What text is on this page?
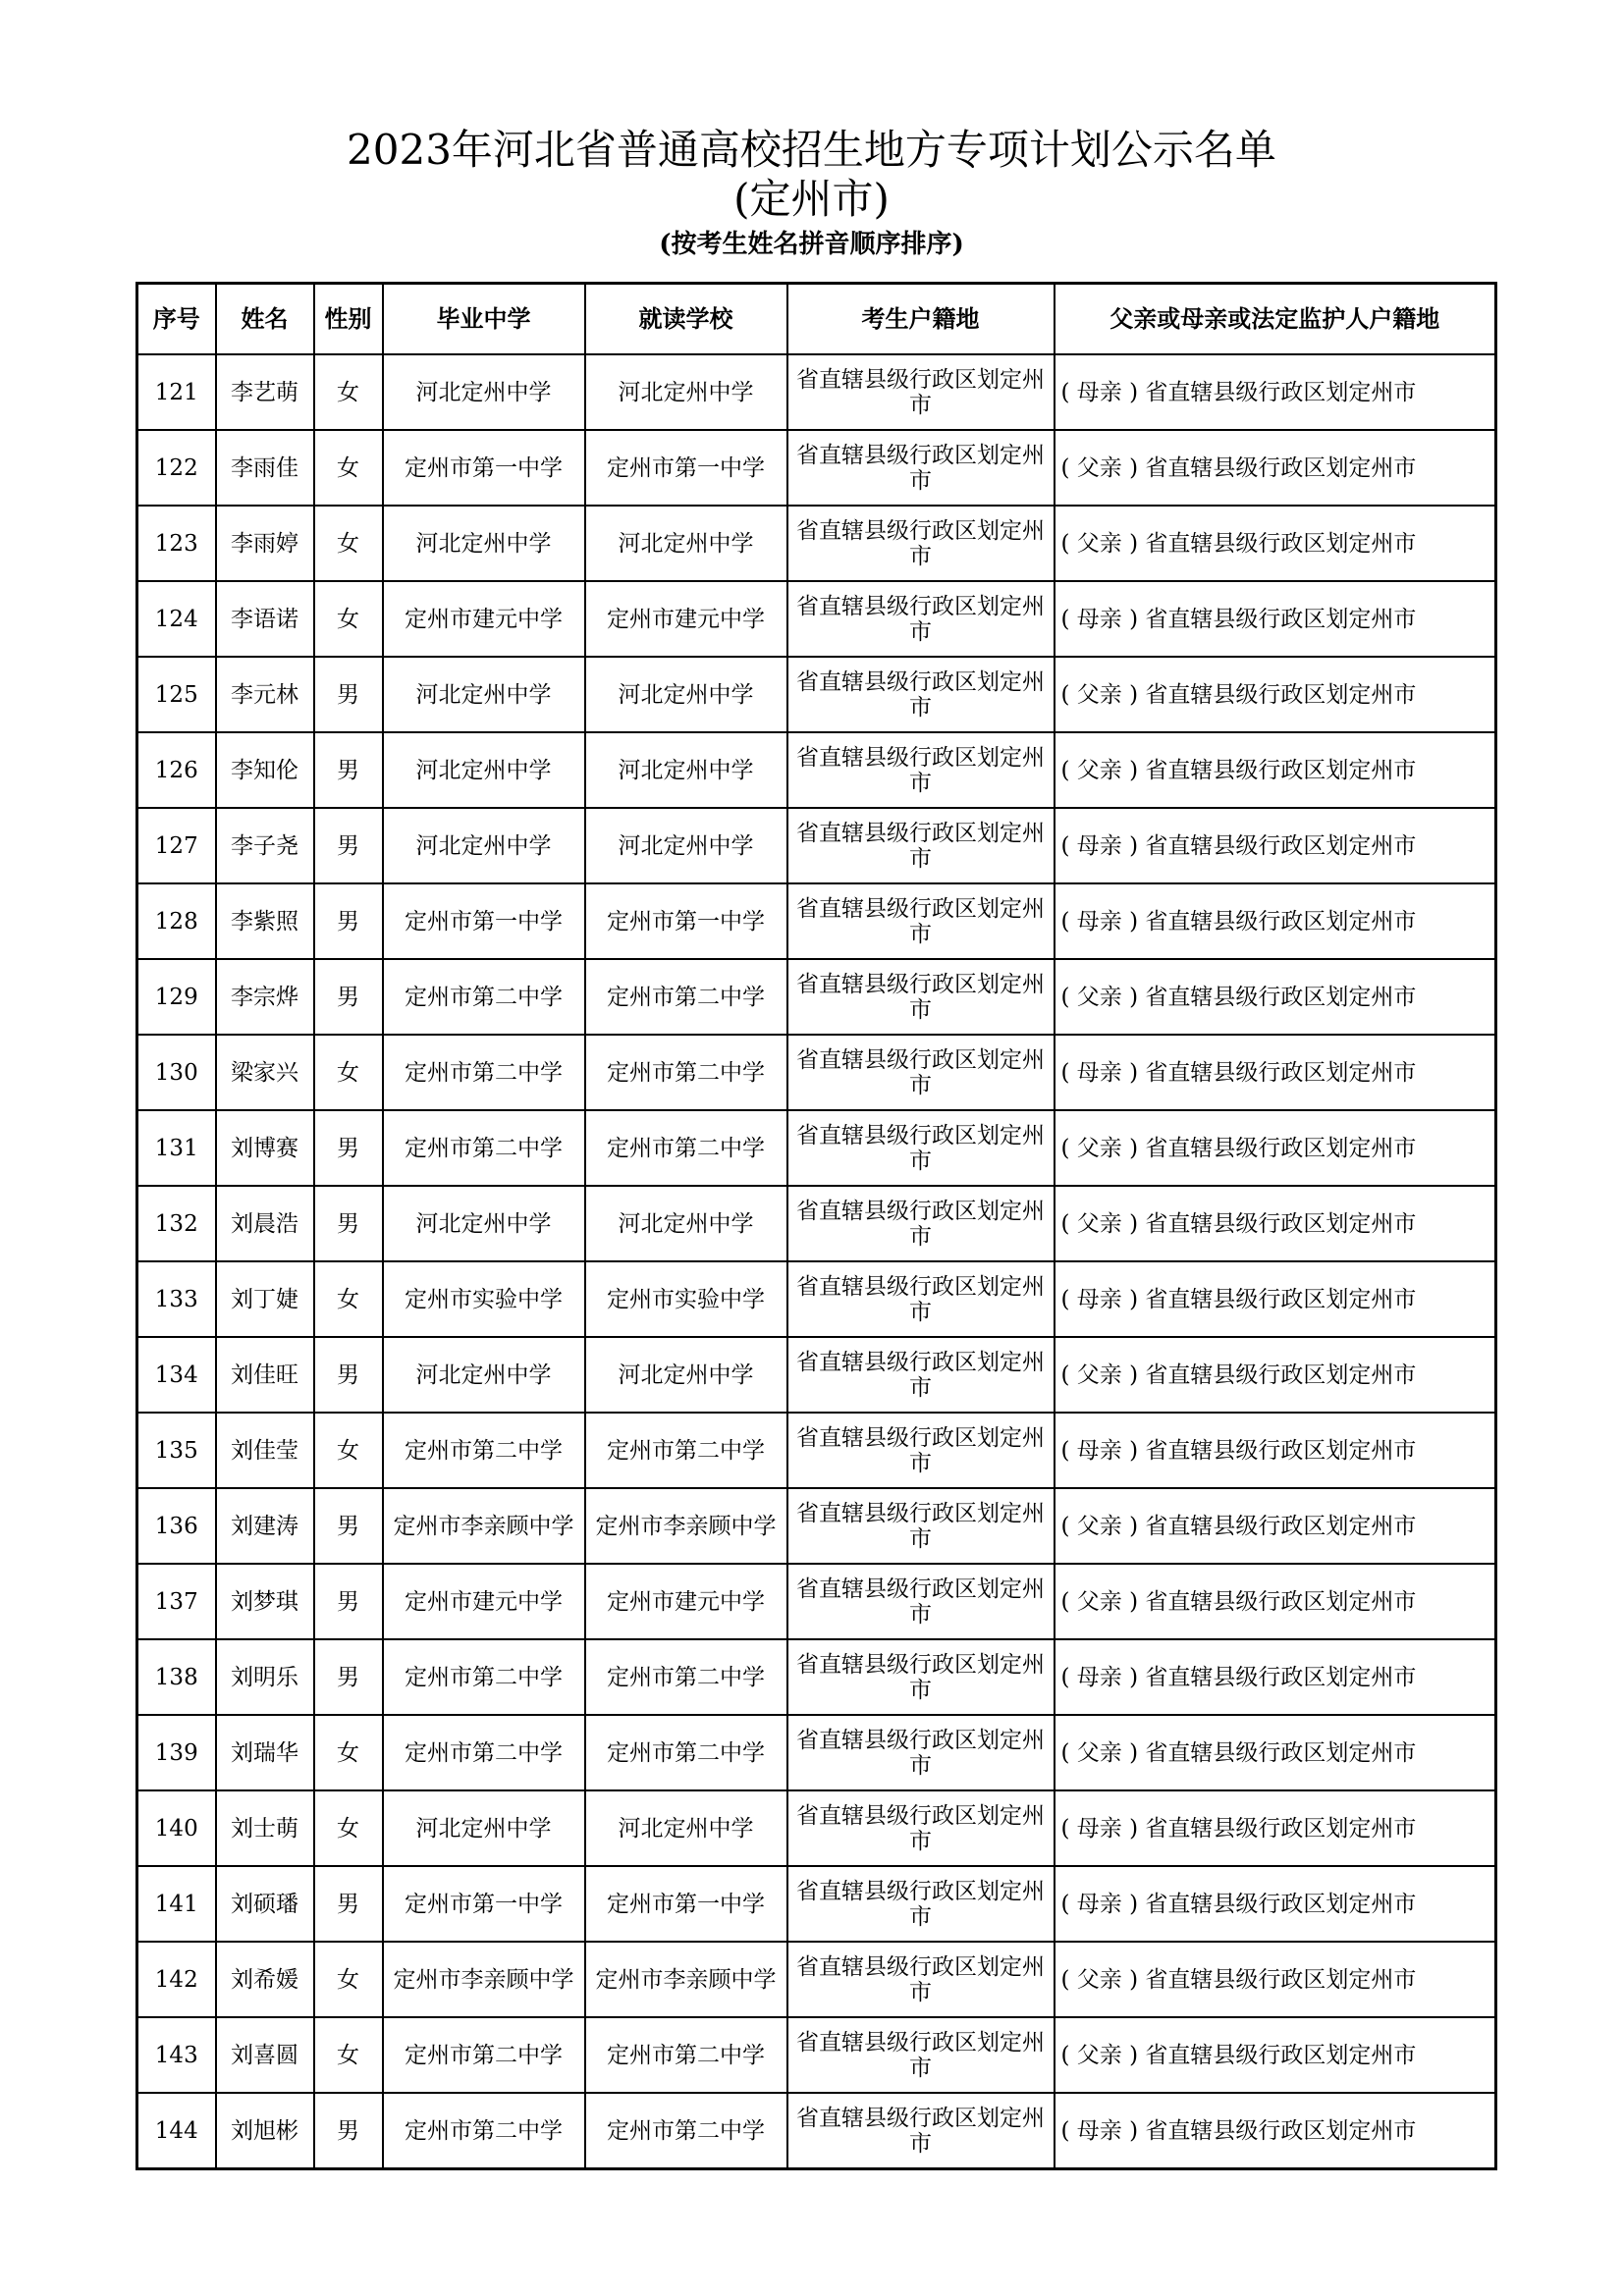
2023年河北省普通高校招生地方专项计划公示名单
(定州市)
(按考生姓名拼音顺序排序)
序号	姓名	性别	毕业中学	就读学校	考生户籍地	父亲或母亲或法定监护人户籍地
121	李艺萌	女	河北定州中学	河北定州中学	省直辖县级行政区划定州市	( 母亲 ) 省直辖县级行政区划定州市
122	李雨佳	女	定州市第一中学	定州市第一中学	省直辖县级行政区划定州市	( 父亲 ) 省直辖县级行政区划定州市
123	李雨婷	女	河北定州中学	河北定州中学	省直辖县级行政区划定州市	( 父亲 ) 省直辖县级行政区划定州市
124	李语诺	女	定州市建元中学	定州市建元中学	省直辖县级行政区划定州市	( 母亲 ) 省直辖县级行政区划定州市
125	李元林	男	河北定州中学	河北定州中学	省直辖县级行政区划定州市	( 父亲 ) 省直辖县级行政区划定州市
126	李知伦	男	河北定州中学	河北定州中学	省直辖县级行政区划定州市	( 父亲 ) 省直辖县级行政区划定州市
127	李子尧	男	河北定州中学	河北定州中学	省直辖县级行政区划定州市	( 母亲 ) 省直辖县级行政区划定州市
128	李紫照	男	定州市第一中学	定州市第一中学	省直辖县级行政区划定州市	( 母亲 ) 省直辖县级行政区划定州市
129	李宗烨	男	定州市第二中学	定州市第二中学	省直辖县级行政区划定州市	( 父亲 ) 省直辖县级行政区划定州市
130	梁家兴	女	定州市第二中学	定州市第二中学	省直辖县级行政区划定州市	( 母亲 ) 省直辖县级行政区划定州市
131	刘博赛	男	定州市第二中学	定州市第二中学	省直辖县级行政区划定州市	( 父亲 ) 省直辖县级行政区划定州市
132	刘晨浩	男	河北定州中学	河北定州中学	省直辖县级行政区划定州市	( 父亲 ) 省直辖县级行政区划定州市
133	刘丁婕	女	定州市实验中学	定州市实验中学	省直辖县级行政区划定州市	( 母亲 ) 省直辖县级行政区划定州市
134	刘佳旺	男	河北定州中学	河北定州中学	省直辖县级行政区划定州市	( 父亲 ) 省直辖县级行政区划定州市
135	刘佳莹	女	定州市第二中学	定州市第二中学	省直辖县级行政区划定州市	( 母亲 ) 省直辖县级行政区划定州市
136	刘建涛	男	定州市李亲顾中学	定州市李亲顾中学	省直辖县级行政区划定州市	( 父亲 ) 省直辖县级行政区划定州市
137	刘梦琪	男	定州市建元中学	定州市建元中学	省直辖县级行政区划定州市	( 父亲 ) 省直辖县级行政区划定州市
138	刘明乐	男	定州市第二中学	定州市第二中学	省直辖县级行政区划定州市	( 母亲 ) 省直辖县级行政区划定州市
139	刘瑞华	女	定州市第二中学	定州市第二中学	省直辖县级行政区划定州市	( 父亲 ) 省直辖县级行政区划定州市
140	刘士萌	女	河北定州中学	河北定州中学	省直辖县级行政区划定州市	( 母亲 ) 省直辖县级行政区划定州市
141	刘硕璠	男	定州市第一中学	定州市第一中学	省直辖县级行政区划定州市	( 母亲 ) 省直辖县级行政区划定州市
142	刘希媛	女	定州市李亲顾中学	定州市李亲顾中学	省直辖县级行政区划定州市	( 父亲 ) 省直辖县级行政区划定州市
143	刘喜圆	女	定州市第二中学	定州市第二中学	省直辖县级行政区划定州市	( 父亲 ) 省直辖县级行政区划定州市
144	刘旭彬	男	定州市第二中学	定州市第二中学	省直辖县级行政区划定州市	( 母亲 ) 省直辖县级行政区划定州市
